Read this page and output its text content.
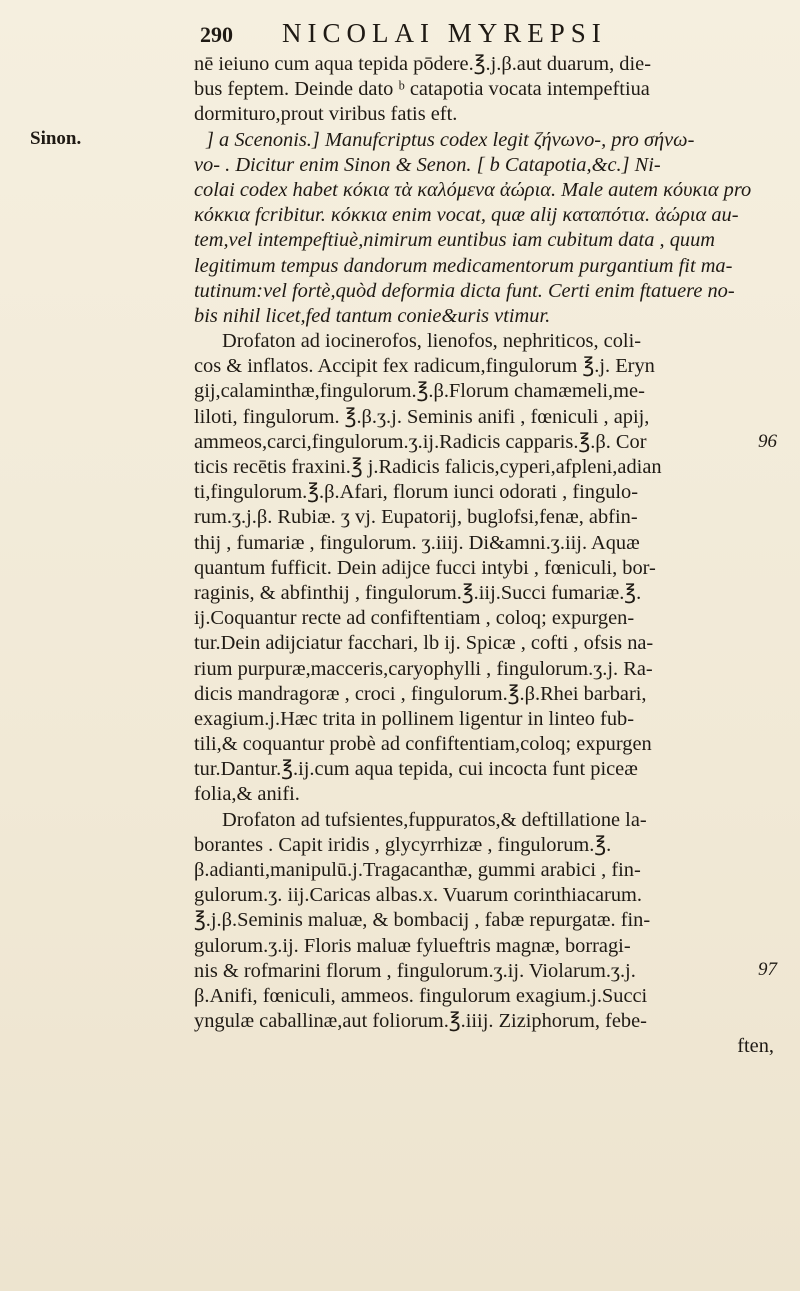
290	NICOLAI MYREPSI
Sinon.
96
97
nē ieiuno cum aqua tepida pōdere.℥.j.β.aut duarum, die-
bus feptem. Deinde dato ᵇ catapotia vocata intempeftiua
dormituro,prout viribus fatis eft.
] a Scenonis.] Manufcriptus codex legit ζήνωνο-, pro σήνω-
νο- . Dicitur enim Sinon & Senon. [ b Catapotia,&c.] Ni-
colai codex habet κόκια τὰ καλόμενα ἀώρια. Male autem κόυκια pro
κόκκια fcribitur. κόκκια enim vocat, quæ alij καταπότια. ἀώρια au-
tem,vel intempeftiuè,nimirum euntibus iam cubitum data , quum
legitimum tempus dandorum medicamentorum purgantium fit ma-
tutinum:vel fortè,quòd deformia dicta funt. Certi enim ftatuere no-
bis nihil licet,fed tantum conie&uris vtimur.
Drofaton ad iocinerofos, lienofos, nephriticos, coli-
cos & inflatos. Accipit fex radicum,fingulorum ℥.j. Eryn
gij,calaminthæ,fingulorum.℥.β.Florum chamæmeli,me-
liloti, fingulorum. ℥.β.ʒ.j. Seminis anifi , fœniculi , apij,
ammeos,carci,fingulorum.ʒ.ij.Radicis capparis.℥.β. Cor
ticis recētis fraxini.℥ j.Radicis falicis,cyperi,afpleni,adian
ti,fingulorum.℥.β.Afari, florum iunci odorati , fingulo-
rum.ʒ.j.β. Rubiæ. ʒ vj. Eupatorij, buglofsi,fenæ, abfin-
thij , fumariæ , fingulorum. ʒ.iiij. Di&amni.ʒ.iij. Aquæ
quantum fufficit. Dein adijce fucci intybi , fœniculi, bor-
raginis, & abfinthij , fingulorum.℥.iij.Succi fumariæ.℥.
ij.Coquantur recte ad confiftentiam , coloq; expurgen-
tur.Dein adijciatur facchari, lb ij. Spicæ , cofti , ofsis na-
rium purpuræ,macceris,caryophylli , fingulorum.ʒ.j. Ra-
dicis mandragoræ , croci , fingulorum.℥.β.Rhei barbari,
exagium.j.Hæc trita in pollinem ligentur in linteo fub-
tili,& coquantur probè ad confiftentiam,coloq; expurgen
tur.Dantur.℥.ij.cum aqua tepida, cui incocta funt piceæ
folia,& anifi.
Drofaton ad tufsientes,fuppuratos,& deftillatione la-
borantes . Capit iridis , glycyrrhizæ , fingulorum.℥.
β.adianti,manipulū.j.Tragacanthæ, gummi arabici , fin-
gulorum.ʒ. iij.Caricas albas.x. Vuarum corinthiacarum.
℥.j.β.Seminis maluæ, & bombacij , fabæ repurgatæ. fin-
gulorum.ʒ.ij. Floris maluæ fylueftris magnæ, borragi-
nis & rofmarini florum , fingulorum.ʒ.ij. Violarum.ʒ.j.
β.Anifi, fœniculi, ammeos. fingulorum exagium.j.Succi
yngulæ caballinæ,aut foliorum.℥.iiij. Ziziphorum, febe-
ften,
